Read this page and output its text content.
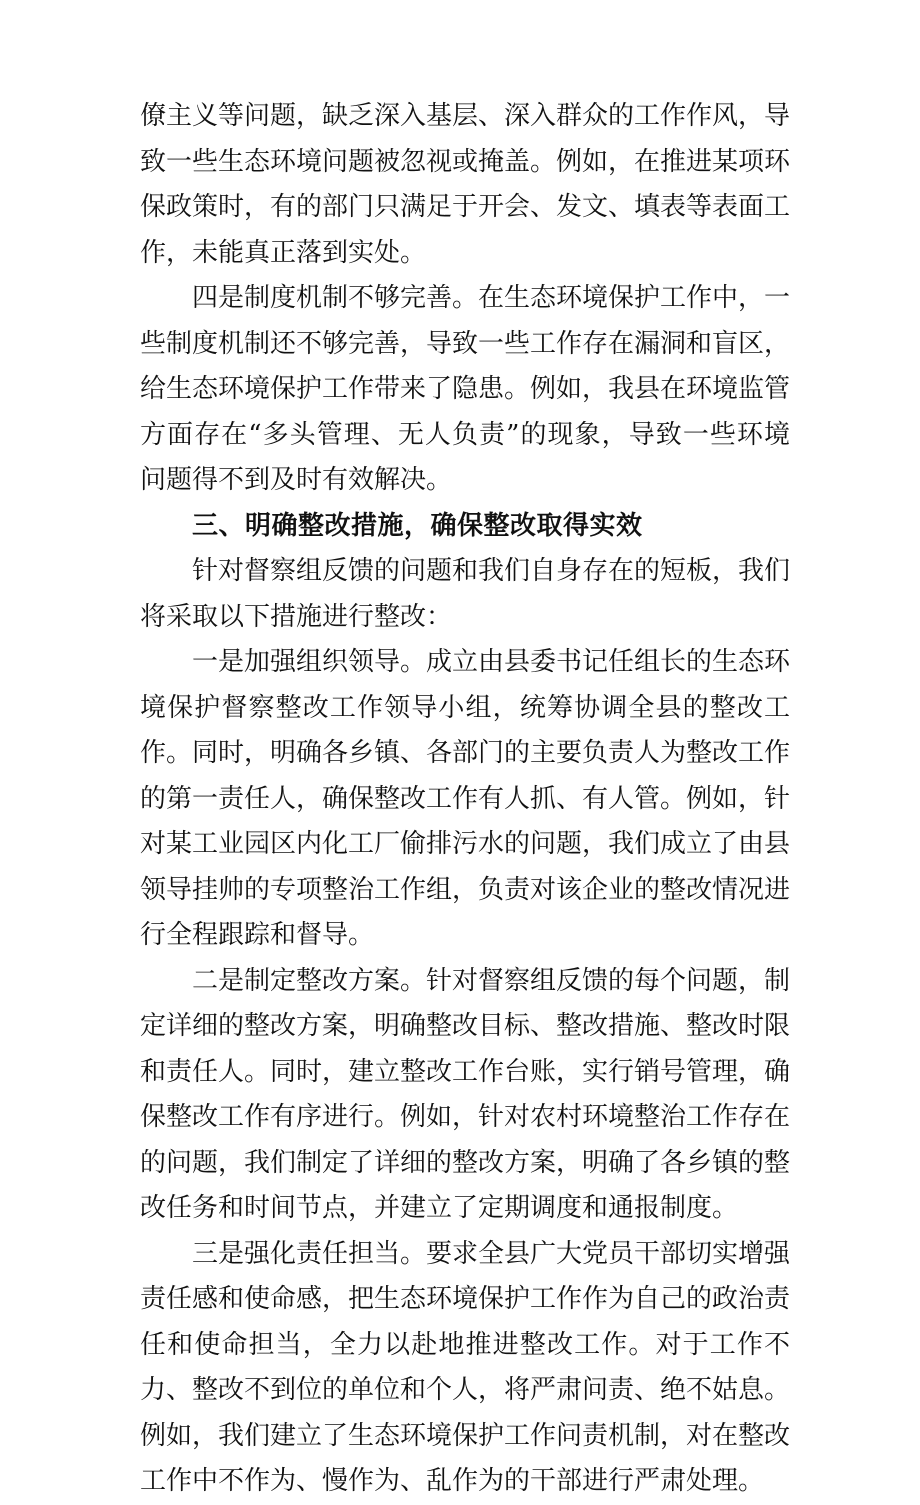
僚主义等问题，缺乏深入基层、深入群众的工作作风，导致一些生态环境问题被忽视或掩盖。例如，在推进某项环保政策时，有的部门只满足于开会、发文、填表等表面工作，未能真正落到实处。

四是制度机制不够完善。在生态环境保护工作中，一些制度机制还不够完善，导致一些工作存在漏洞和盲区，给生态环境保护工作带来了隐患。例如，我县在环境监管方面存在“多头管理、无人负责”的现象，导致一些环境问题得不到及时有效解决。

三、明确整改措施，确保整改取得实效

针对督察组反馈的问题和我们自身存在的短板，我们将采取以下措施进行整改：

一是加强组织领导。成立由县委书记任组长的生态环境保护督察整改工作领导小组，统筹协调全县的整改工作。同时，明确各乡镇、各部门的主要负责人为整改工作的第一责任人，确保整改工作有人抓、有人管。例如，针对某工业园区内化工厂偷排污水的问题，我们成立了由县领导挂帅的专项整治工作组，负责对该企业的整改情况进行全程跟踪和督导。

二是制定整改方案。针对督察组反馈的每个问题，制定详细的整改方案，明确整改目标、整改措施、整改时限和责任人。同时，建立整改工作台账，实行销号管理，确保整改工作有序进行。例如，针对农村环境整治工作存在的问题，我们制定了详细的整改方案，明确了各乡镇的整改任务和时间节点，并建立了定期调度和通报制度。

三是强化责任担当。要求全县广大党员干部切实增强责任感和使命感，把生态环境保护工作作为自己的政治责任和使命担当，全力以赴地推进整改工作。对于工作不力、整改不到位的单位和个人，将严肃问责、绝不姑息。例如，我们建立了生态环境保护工作问责机制，对在整改工作中不作为、慢作为、乱作为的干部进行严肃处理。
